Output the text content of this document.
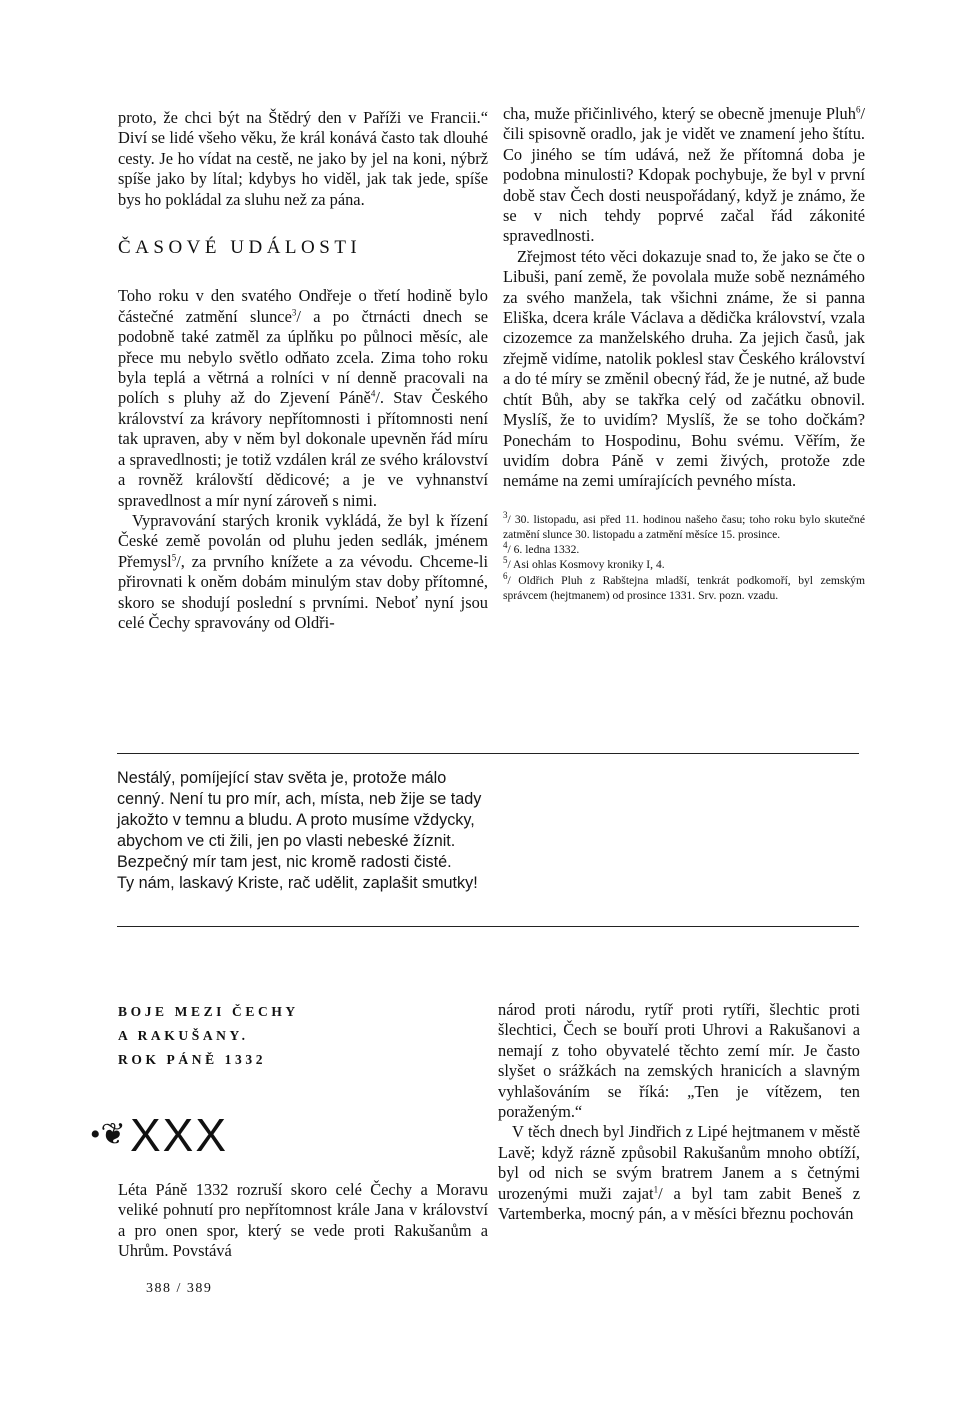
proto, že chci být na Štědrý den v Paříži ve Francii.“ Diví se lidé všeho věku, že král konává často tak dlouhé cesty. Je ho vídat na cestě, ne jako by jel na koni, nýbrž spíše jako by lítal; kdybys ho viděl, jak tak jede, spíše bys ho pokládal za sluhu než za pána.

ČASOVÉ UDÁLOSTI

Toho roku v den svatého Ondřeje o třetí hodině bylo částečné zatmění slunce$^3$/ a po čtrnácti dnech se podobně také zatměl za úplňku po půlnoci měsíc, ale přece mu nebylo světlo odňato zcela. Zima toho roku byla teplá a větrná a rolníci v ní denně pracovali na polích s pluhy až do Zjevení Páně$^4$/. Stav Českého království za krávory nepřítomnosti i přítomnosti není tak upraven, aby v něm byl dokonale upevněn řád míru a spravedlnosti; je totiž vzdálen král ze svého království a rovněž královští dědicové; a je ve vyhnanství spravedlnost a mír nyní zároveň s nimi.

Vypravování starých kronik vykládá, že byl k řízení České země povolán od pluhu jeden sedlák, jménem Přemysl$^5$/, za prvního knížete a za vévodu. Chceme-li přirovnati k oněm dobám minulým stav doby přítomné, skoro se shodují poslední s prvními. Neboť nyní jsou celé Čechy spravovány od Oldři-

cha, muže přičinlivého, který se obecně jmenuje Pluh$^6$/ čili spisovně oradlo, jak je vidět ve znamení jeho štítu. Co jiného se tím udává, než že přítomná doba je podobna minulosti? Kdopak pochybuje, že byl v první době stav Čech dosti neuspořádaný, když je známo, že se v nich tehdy poprvé začal řád zákonité spravedlnosti.

Zřejmost této věci dokazuje snad to, že jako se čte o Libuši, paní země, že povolala muže sobě neznámého za svého manžela, tak všichni známe, že si panna Eliška, dcera krále Václava a dědička království, vzala cizozemce za manželského druha. Za jejich časů, jak zřejmě vidíme, natolik poklesl stav Českého království a do té míry se změnil obecný řád, že je nutné, až bude chtít Bůh, aby se takřka celý od začátku obnovil. Myslíš, že to uvidím? Myslíš, že se toho dočkám? Ponechám to Hospodinu, Bohu svému. Věřím, že uvidím dobra Páně v zemi živých, protože zde nemáme na zemi umírajících pevného místa.

$^3$/ 30. listopadu, asi před 11. hodinou našeho času; toho roku bylo skutečné zatmění slunce 30. listopadu a zatmění měsíce 15. prosince.

$^4$/ 6. ledna 1332.

$^5$/ Asi ohlas Kosmovy kroniky I, 4.

$^6$/ Oldřich Pluh z Rabštejna mladší, tenkrát podkomoří, byl zemským správcem (hejtmanem) od prosince 1331. Srv. pozn. vzadu.

Nestálý, pomíjející stav světa je, protože málo
cenný. Není tu pro mír, ach, místa, neb žije se tady
jakožto v temnu a bludu. A proto musíme vždycky,
abychom ve cti žili, jen po vlasti nebeské žíznit.
Bezpečný mír tam jest, nic kromě radosti čisté.
Ty nám, laskavý Kriste, rač udělit, zaplašit smutky!
BOJE MEZI ČECHY
A RAKUŠANY.
ROK PÁNĚ 1332
•❦ XXX

Léta Páně 1332 rozruší skoro celé Čechy a Moravu veliké pohnutí pro nepřítomnost krále Jana v království a pro onen spor, který se vede proti Rakušanům a Uhrům. Povstává

národ proti národu, rytíř proti rytíři, šlechtic proti šlechtici, Čech se bouří proti Uhrovi a Rakušanovi a nemají z toho obyvatelé těchto zemí mír. Je často slyšet o srážkách na zemských hranicích a slavným vyhlašováním se říká: „Ten je vítězem, ten poraženým.“

V těch dnech byl Jindřich z Lipé hejtmanem v městě Lavě; když rázně způsobil Rakušanům mnoho obtíží, byl od nich se svým bratrem Janem a s četnými urozenými muži zajat$^1$/ a byl tam zabit Beneš z Vartemberka, mocný pán, a v měsíci březnu pochován

388 / 389
